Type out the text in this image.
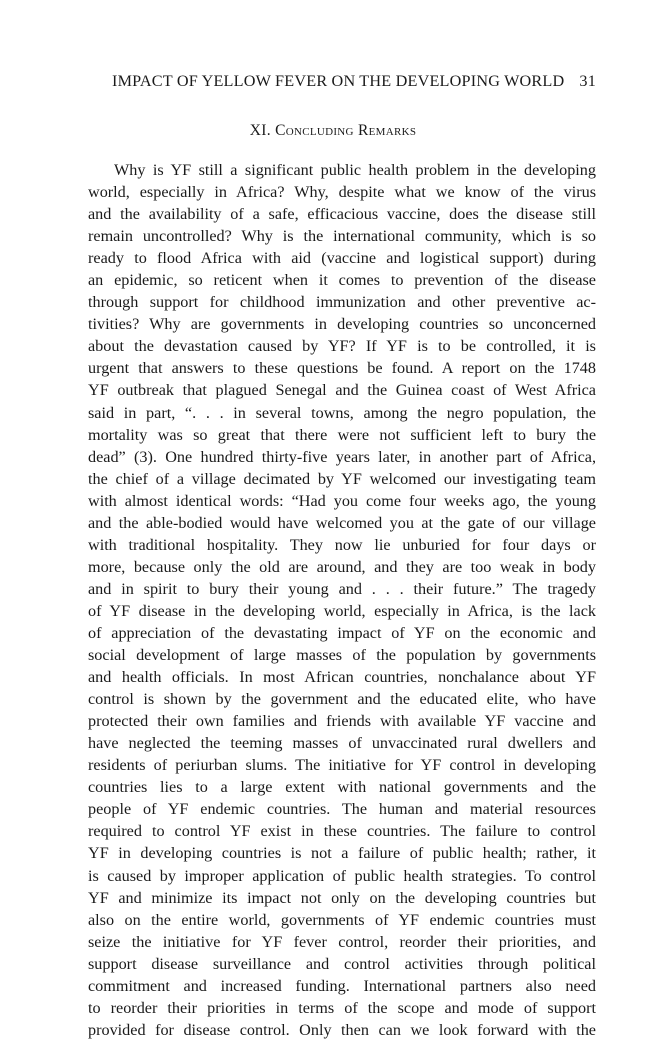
IMPACT OF YELLOW FEVER ON THE DEVELOPING WORLD 31
XI. Concluding Remarks
Why is YF still a significant public health problem in the developing
world, especially in Africa? Why, despite what we know of the virus
and the availability of a safe, efficacious vaccine, does the disease still
remain uncontrolled? Why is the international community, which is so
ready to flood Africa with aid (vaccine and logistical support) during
an epidemic, so reticent when it comes to prevention of the disease
through support for childhood immunization and other preventive ac-
tivities? Why are governments in developing countries so unconcerned
about the devastation caused by YF? If YF is to be controlled, it is
urgent that answers to these questions be found. A report on the 1748
YF outbreak that plagued Senegal and the Guinea coast of West Africa
said in part, “. . . in several towns, among the negro population, the
mortality was so great that there were not sufficient left to bury the
dead” (3). One hundred thirty-five years later, in another part of Africa,
the chief of a village decimated by YF welcomed our investigating team
with almost identical words: “Had you come four weeks ago, the young
and the able-bodied would have welcomed you at the gate of our village
with traditional hospitality. They now lie unburied for four days or
more, because only the old are around, and they are too weak in body
and in spirit to bury their young and . . . their future.” The tragedy
of YF disease in the developing world, especially in Africa, is the lack
of appreciation of the devastating impact of YF on the economic and
social development of large masses of the population by governments
and health officials. In most African countries, nonchalance about YF
control is shown by the government and the educated elite, who have
protected their own families and friends with available YF vaccine and
have neglected the teeming masses of unvaccinated rural dwellers and
residents of periurban slums. The initiative for YF control in developing
countries lies to a large extent with national governments and the
people of YF endemic countries. The human and material resources
required to control YF exist in these countries. The failure to control
YF in developing countries is not a failure of public health; rather, it
is caused by improper application of public health strategies. To control
YF and minimize its impact not only on the developing countries but
also on the entire world, governments of YF endemic countries must
seize the initiative for YF fever control, reorder their priorities, and
support disease surveillance and control activities through political
commitment and increased funding. International partners also need
to reorder their priorities in terms of the scope and mode of support
provided for disease control. Only then can we look forward with the
